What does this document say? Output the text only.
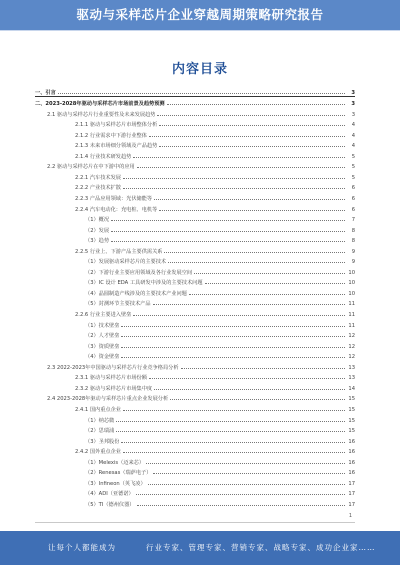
驱动与采样芯片企业穿越周期策略研究报告
内容目录
一、引言	3
二、2023-2028年驱动与采样芯片市场前景及趋势预测	3
2.1 驱动与采样芯片行业重要性及未来发展趋势	3
2.1.1 驱动与采样芯片市场整体分析	4
2.1.2 行业需求中下游行业整体	4
2.1.3 未来市场细分领域及产品趋势	4
2.1.4 行业技术研发趋势	5
2.2 驱动与采样芯片在中下游中的应用	5
2.2.1 汽车技术发展	5
2.2.2 产业技术扩散	6
2.2.3 产品应用领域：光伏储能等	6
2.2.4 汽车电动化：充电桩、电机等	6
（1）概况	7
（2）发展	8
（3）趋势	8
2.2.5 行业上、下游产品主要供需关系	9
（1）发展驱动采样芯片的主要技术	9
（2）下游行业主要应用领域及各行业发展空间	10
（3）IC 设计 EDA 工具研发中涉及的主要技术问题	10
（4）晶圆制造产线涉及的主要技术产业问题	10
（5）封测环节主要技术产品	11
2.2.6 行业主要进入壁垒	11
（1）技术壁垒	11
（2）人才壁垒	12
（3）资质壁垒	12
（4）资金壁垒	12
2.3 2022-2023年中国驱动与采样芯片行业竞争格局分析	13
2.3.1 驱动与采样芯片市场份额	13
2.3.2 驱动与采样芯片市场集中度	14
2.4 2023-2028年驱动与采样芯片重点企业发展分析	15
2.4.1 国内重点企业	15
（1）纳芯微	15
（2）思瑞浦	15
（3）圣邦股份	16
2.4.2 国外重点企业	16
（1）Melexis（迈来芯）	16
（2）Renesas（瑞萨电子）	16
（3）Infineon（英飞凌）	17
（4）ADI（亚德诺）	17
（5）TI（德州仪器）	17
1
让每个人都能成为	行业专家、管理专家、营销专家、战略专家、成功企业家……
